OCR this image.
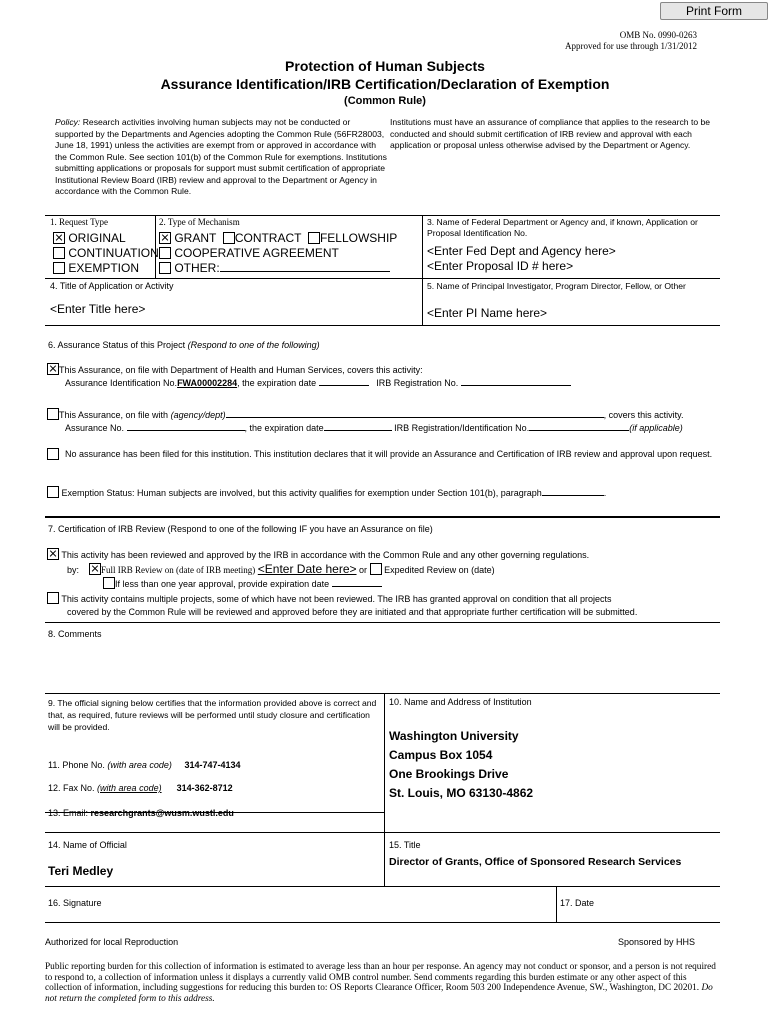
Print Form
OMB No. 0990-0263
Approved for use through 1/31/2012
Protection of Human Subjects
Assurance Identification/IRB Certification/Declaration of Exemption
(Common Rule)
Policy: Research activities involving human subjects may not be conducted or supported by the Departments and Agencies adopting the Common Rule (56FR28003, June 18, 1991) unless the activities are exempt from or approved in accordance with the Common Rule. See section 101(b) of the Common Rule for exemptions. Institutions submitting applications or proposals for support must submit certification of appropriate Institutional Review Board (IRB) review and approval to the Department or Agency in accordance with the Common Rule.
Institutions must have an assurance of compliance that applies to the research to be conducted and should submit certification of IRB review and approval with each application or proposal unless otherwise advised by the Department or Agency.
1. Request Type
ORIGINAL
CONTINUATION
EXEMPTION
2. Type of Mechanism
GRANT CONTRACT FELLOWSHIP
COOPERATIVE AGREEMENT
OTHER:
3. Name of Federal Department or Agency and, if known, Application or Proposal Identification No.
<Enter Fed Dept and Agency here>
<Enter Proposal ID # here>
4. Title of Application or Activity
<Enter Title here>
5. Name of Principal Investigator, Program Director, Fellow, or Other
<Enter PI Name here>
6. Assurance Status of this Project (Respond to one of the following)
This Assurance, on file with Department of Health and Human Services, covers this activity:
Assurance Identification No.FWA00002284, the expiration date	IRB Registration No.
This Assurance, on file with (agency/dept)	, covers this activity.
Assurance No.	, the expiration date	IRB Registration/Identification No.	(if applicable)
No assurance has been filed for this institution. This institution declares that it will provide an Assurance and Certification of IRB review and approval upon request.
Exemption Status: Human subjects are involved, but this activity qualifies for exemption under Section 101(b), paragraph	.
7. Certification of IRB Review (Respond to one of the following IF you have an Assurance on file)
This activity has been reviewed and approved by the IRB in accordance with the Common Rule and any other governing regulations.
by: Full IRB Review on (date of IRB meeting) <Enter Date here> or Expedited Review on (date)
If less than one year approval, provide expiration date
This activity contains multiple projects, some of which have not been reviewed. The IRB has granted approval on condition that all projects
covered by the Common Rule will be reviewed and approved before they are initiated and that appropriate further certification will be submitted.
8. Comments
9. The official signing below certifies that the information provided above is correct and that, as required, future reviews will be performed until study closure and certification will be provided.
10. Name and Address of Institution
Washington University
Campus Box 1054
One Brookings Drive
St. Louis, MO 63130-4862
11. Phone No. (with area code) 314-747-4134
12. Fax No. (with area code) 314-362-8712
13. Email: researchgrants@wusm.wustl.edu
14. Name of Official
Teri Medley
15. Title
Director of Grants, Office of Sponsored Research Services
16. Signature	17. Date
Authorized for local Reproduction	Sponsored by HHS
Public reporting burden for this collection of information is estimated to average less than an hour per response. An agency may not conduct or sponsor, and a person is not required to respond to, a collection of information unless it displays a currently valid OMB control number. Send comments regarding this burden estimate or any other aspect of this collection of information, including suggestions for reducing this burden to: OS Reports Clearance Officer, Room 503 200 Independence Avenue, SW., Washington, DC 20201. Do not return the completed form to this address.
